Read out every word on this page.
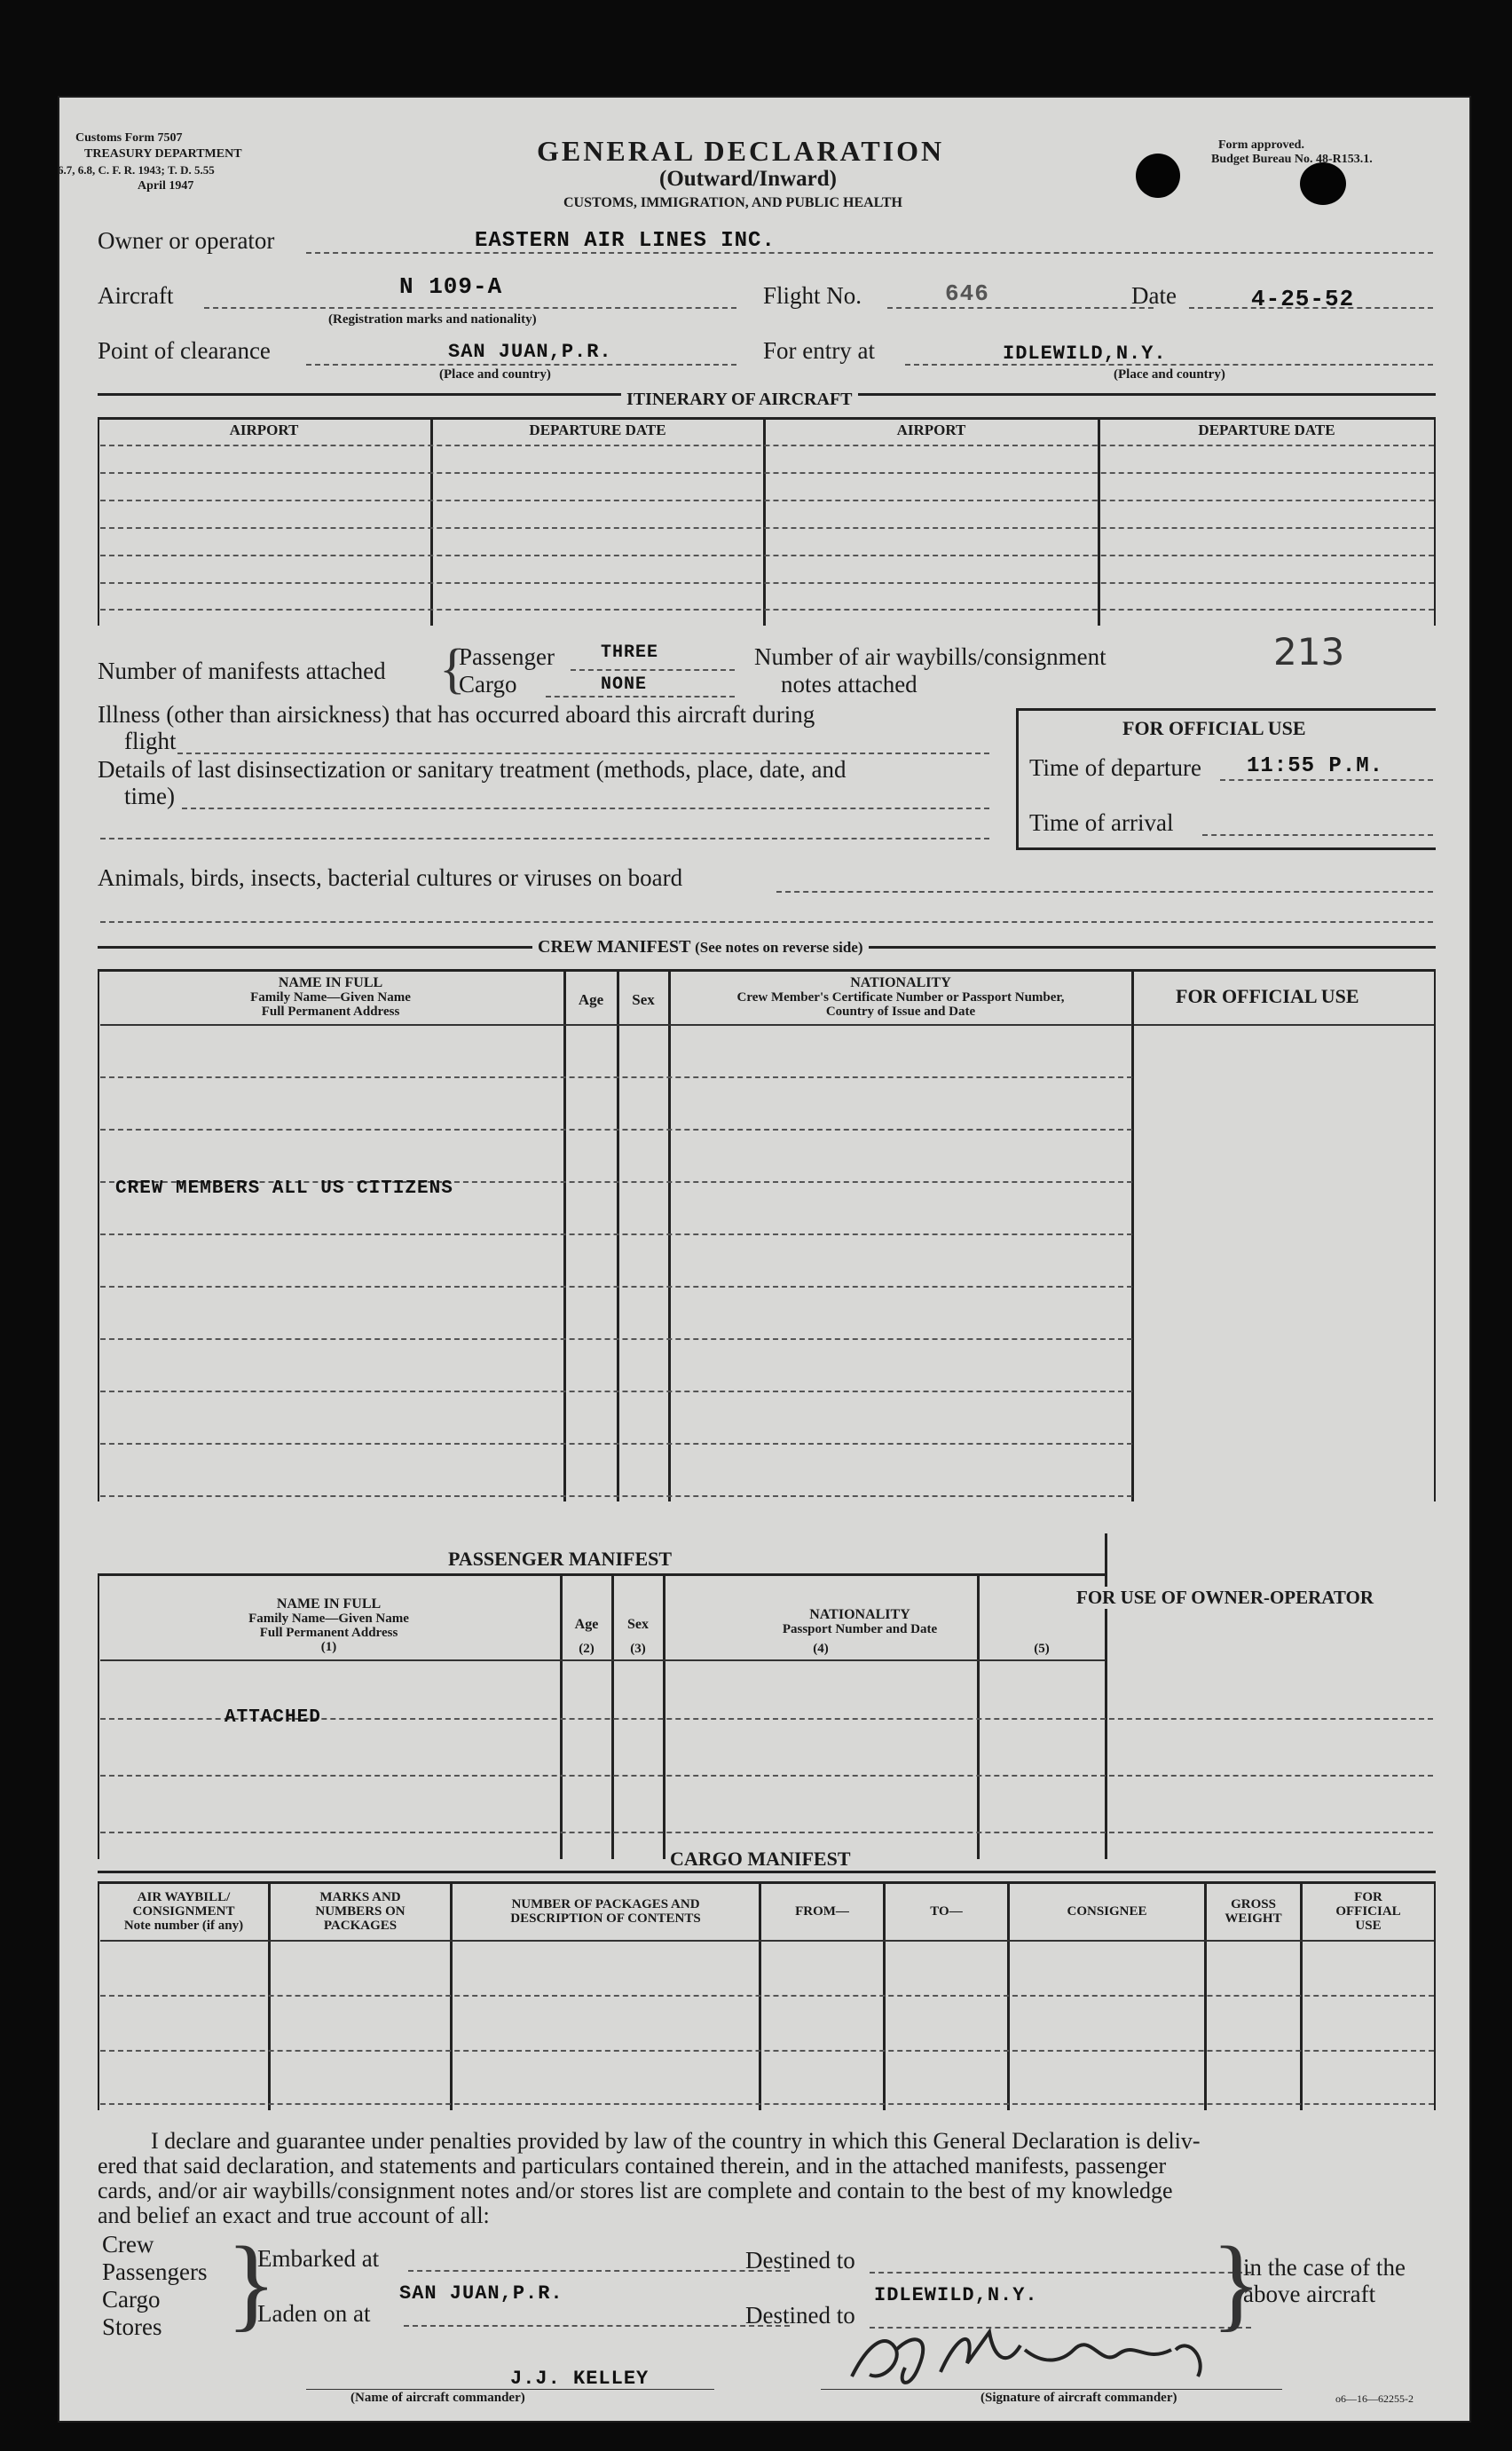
Customs Form 7507
TREASURY DEPARTMENT
6.7, 6.8, C. F. R. 1943; T. D. 5.55
April 1947
GENERAL DECLARATION
(Outward/Inward)
CUSTOMS, IMMIGRATION, AND PUBLIC HEALTH
Form approved.
Budget Bureau No. 48-R153.1.
Owner or operator	EASTERN AIR LINES INC.
Aircraft	N 109-A
(Registration marks and nationality)
Flight No.	646	Date	4-25-52
Point of clearance	SAN JUAN,P.R.
(Place and country)
For entry at	IDLEWILD,N.Y.
(Place and country)
ITINERARY OF AIRCRAFT
AIRPORT	DEPARTURE DATE	AIRPORT	DEPARTURE DATE
Number of manifests attached {
Passenger	THREE
Cargo	NONE
Number of air waybills/consignment
notes attached
213
Illness (other than airsickness) that has occurred aboard this aircraft during
flight
Details of last disinsectization or sanitary treatment (methods, place, date, and
time)
FOR OFFICIAL USE
Time of departure 11:55 P.M.
Time of arrival
Animals, birds, insects, bacterial cultures or viruses on board
CREW MANIFEST (See notes on reverse side)
NAME IN FULL
Family Name—Given Name
Full Permanent Address
Age	Sex
NATIONALITY
Crew Member's Certificate Number or Passport Number,
Country of Issue and Date
FOR OFFICIAL USE
CREW MEMBERS ALL US CITIZENS
PASSENGER MANIFEST
NAME IN FULL
Family Name—Given Name
Full Permanent Address
(1)
Age
(2)
Sex
(3)
NATIONALITY
Passport Number and Date
(4)	(5)
FOR USE OF OWNER-OPERATOR
ATTACHED
CARGO MANIFEST
AIR WAYBILL/
CONSIGNMENT
Note number (if any)
MARKS AND
NUMBERS ON
PACKAGES
NUMBER OF PACKAGES AND
DESCRIPTION OF CONTENTS	FROM—	TO—	CONSIGNEE	GROSS
WEIGHT
FOR
OFFICIAL
USE
I declare and guarantee under penalties provided by law of the country in which this General Declaration is deliv-
ered that said declaration, and statements and particulars contained therein, and in the attached manifests, passenger
cards, and/or air waybills/consignment notes and/or stores list are complete and contain to the best of my knowledge
and belief an exact and true account of all:
Crew
Passengers
Cargo
Stores }
Embarked at
Laden on at
SAN JUAN,P.R.
Destined to
Destined to
IDLEWILD,N.Y. }
in the case of the
above aircraft
J.J. KELLEY
(Name of aircraft commander)	(Signature of aircraft commander)	o6—16—62255-2
